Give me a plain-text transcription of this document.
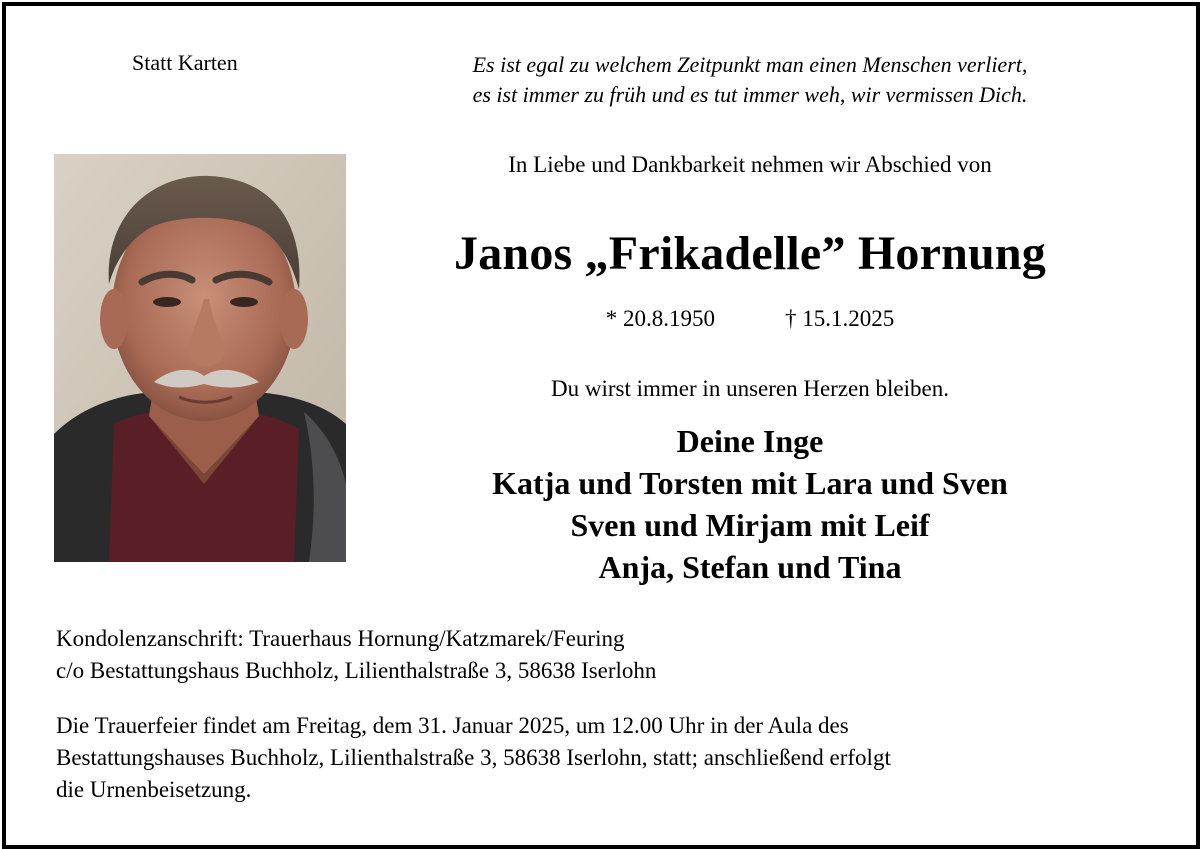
Statt Karten	Es ist egal zu welchem Zeitpunkt man einen Menschen verliert,
es ist immer zu früh und es tut immer weh, wir vermissen Dich.
In Liebe und Dankbarkeit nehmen wir Abschied von
Janos „Frikadelle” Hornung
* 20.8.1950	† 15.1.2025
Du wirst immer in unseren Herzen bleiben.
Deine Inge
Katja und Torsten mit Lara und Sven
Sven und Mirjam mit Leif
Anja, Stefan und Tina
Kondolenzanschrift: Trauerhaus Hornung/Katzmarek/Feuring
c/o Bestattungshaus Buchholz, Lilienthalstraße 3, 58638 Iserlohn
Die Trauerfeier findet am Freitag, dem 31. Januar 2025, um 12.00 Uhr in der Aula des
Bestattungshauses Buchholz, Lilienthalstraße 3, 58638 Iserlohn, statt; anschließend erfolgt
die Urnenbeisetzung.
